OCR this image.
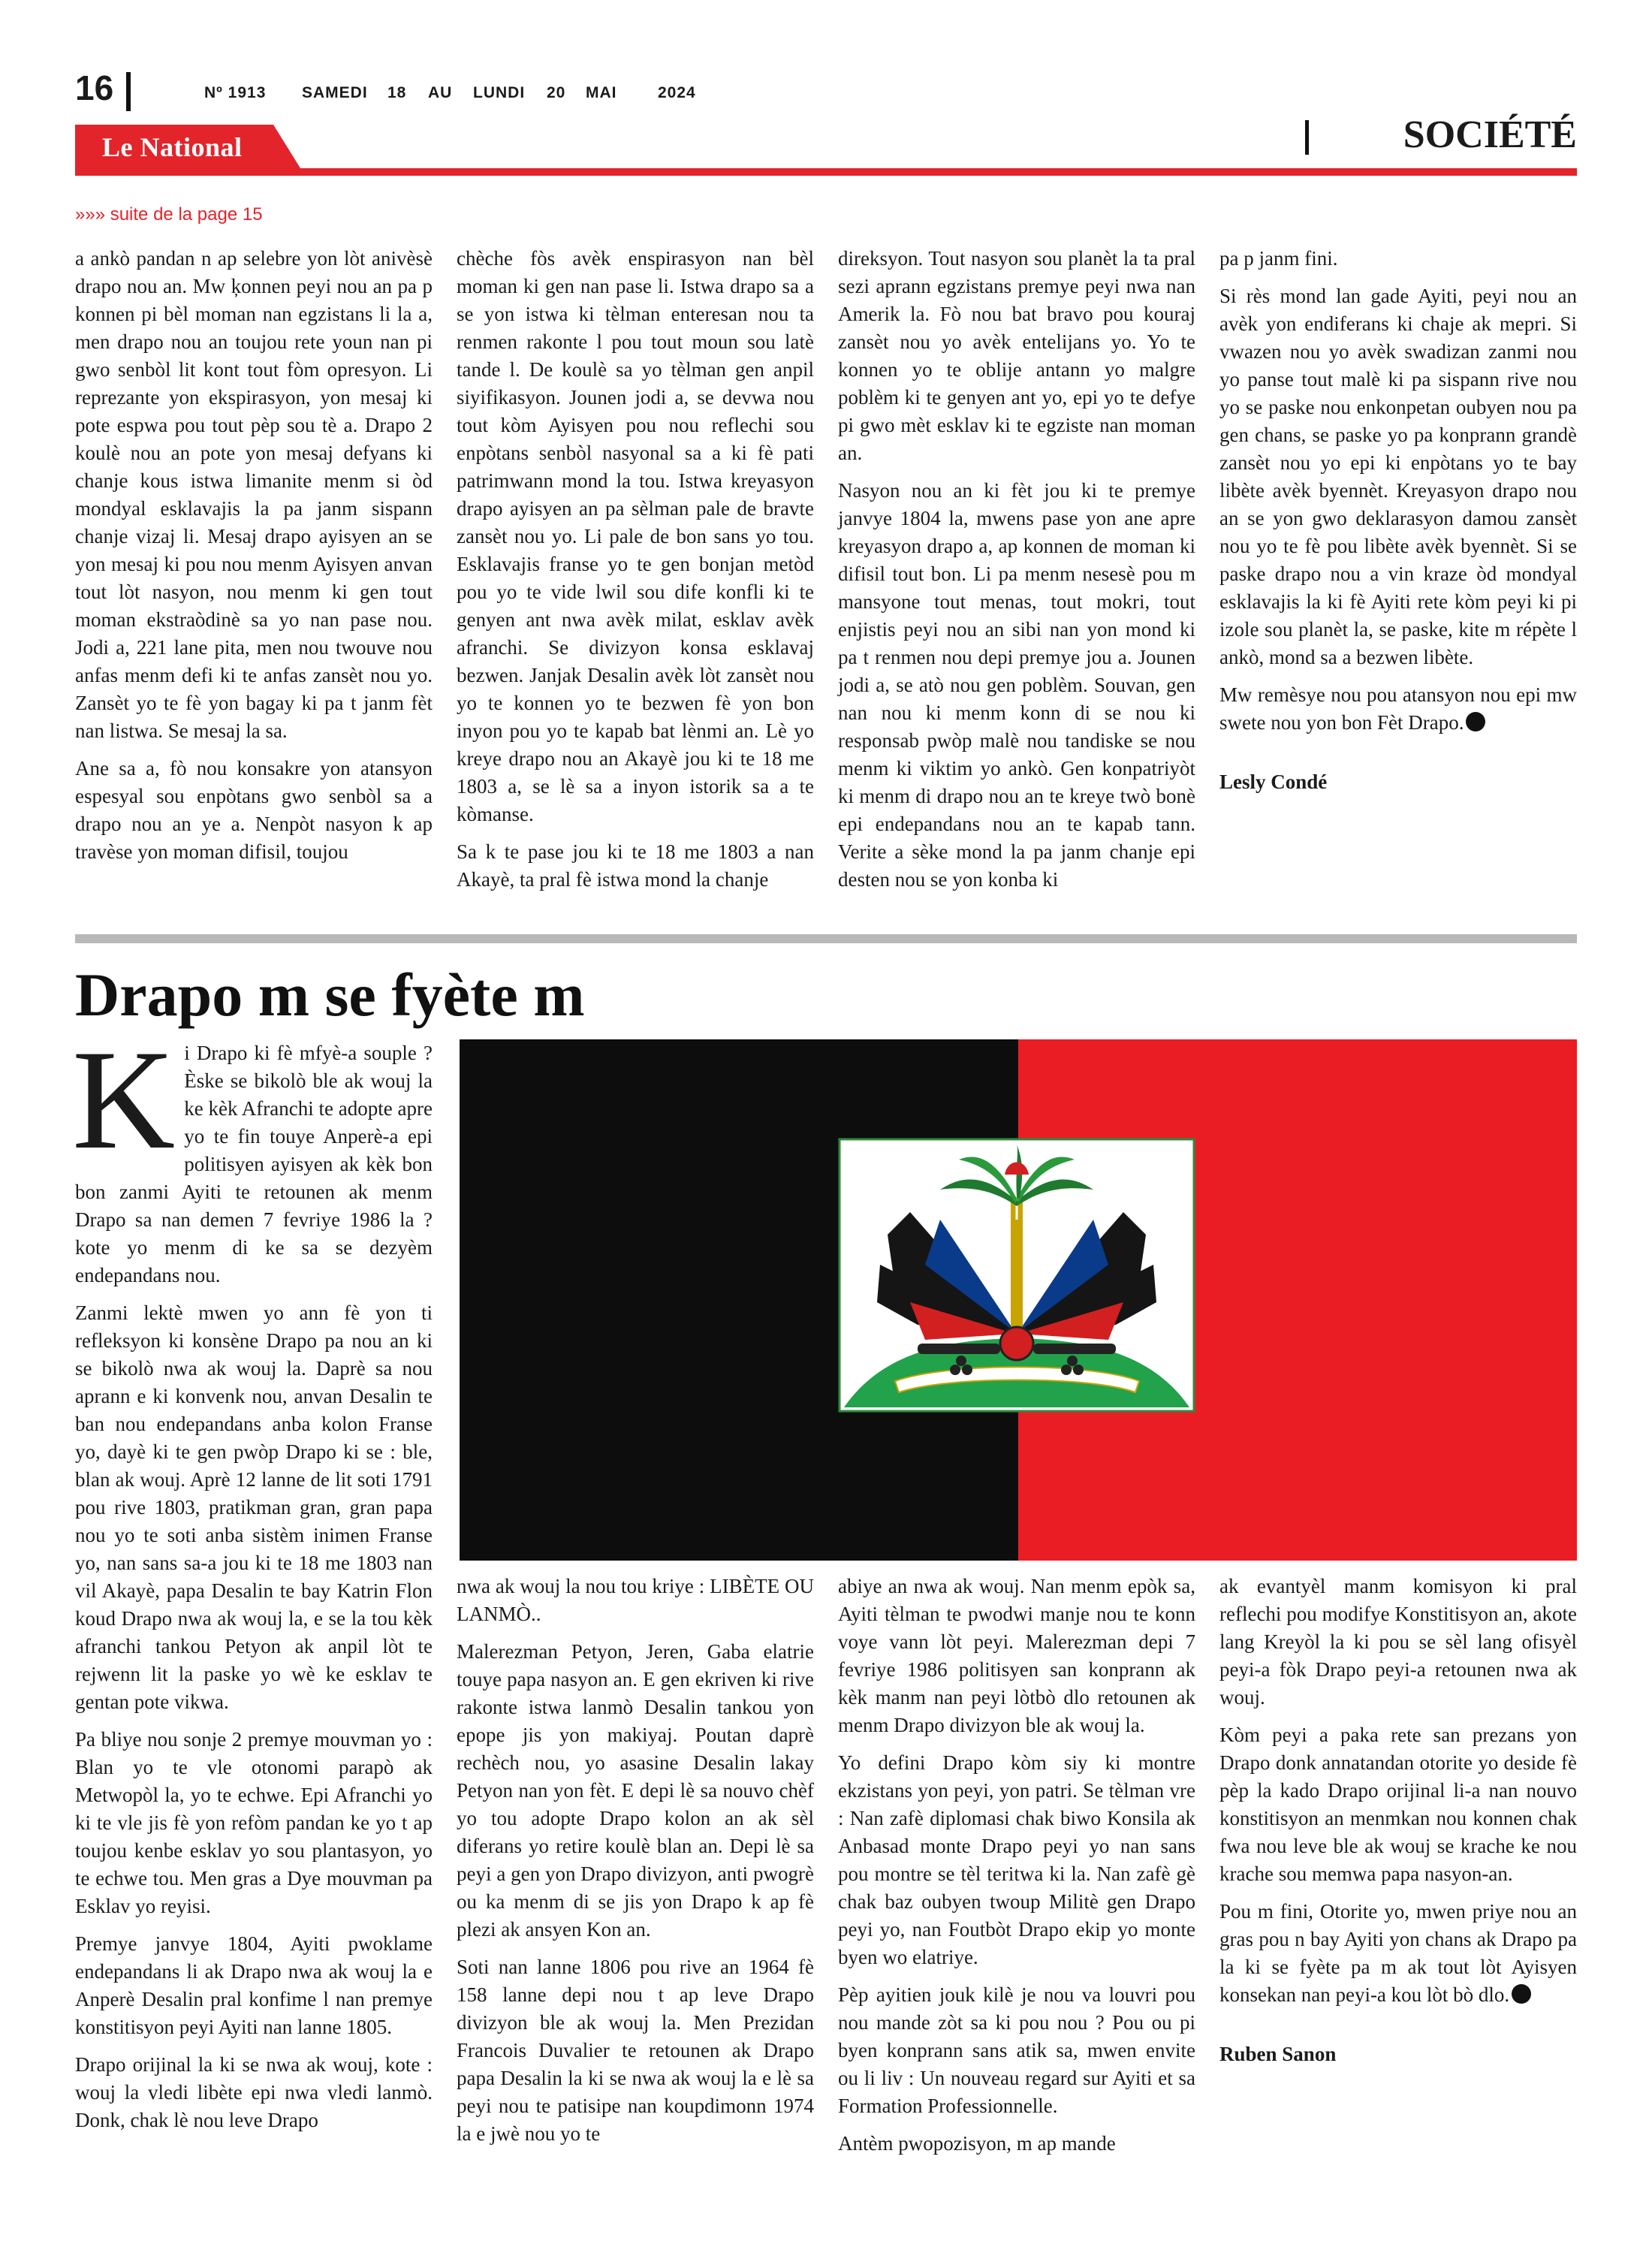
16	Nº 1913 SAMEDI 18 AU LUNDI 20 MAI	2024
Le National	SOCIÉTÉ
»»» suite de la page 15

a ankò pandan n ap selebre yon lòt anivèsè drapo nou an. Mw ķonnen peyi nou an pa p konnen pi bèl moman nan egzistans li la a, men drapo nou an toujou rete youn nan pi gwo senbòl lit kont tout fòm opresyon. Li reprezante yon ekspirasyon, yon mesaj ki pote espwa pou tout pèp sou tè a. Drapo 2 koulè nou an pote yon mesaj defyans ki chanje kous istwa limanite menm si òd mondyal esklavajis la pa janm sispann chanje vizaj li. Mesaj drapo ayisyen an se yon mesaj ki pou nou menm Ayisyen anvan tout lòt nasyon, nou menm ki gen tout moman ekstraòdinè sa yo nan pase nou. Jodi a, 221 lane pita, men nou twouve nou anfas menm defi ki te anfas zansèt nou yo. Zansèt yo te fè yon bagay ki pa t janm fèt nan listwa. Se mesaj la sa.

Ane sa a, fò nou konsakre yon atansyon espesyal sou enpòtans gwo senbòl sa a drapo nou an ye a. Nenpòt nasyon k ap travèse yon moman difisil, toujou

chèche fòs avèk enspirasyon nan bèl moman ki gen nan pase li. Istwa drapo sa a se yon istwa ki tèlman enteresan nou ta renmen rakonte l pou tout moun sou latè tande l. De koulè sa yo tèlman gen anpil siyifikasyon. Jounen jodi a, se devwa nou tout kòm Ayisyen pou nou reflechi sou enpòtans senbòl nasyonal sa a ki fè pati patrimwann mond la tou. Istwa kreyasyon drapo ayisyen an pa sèlman pale de bravte zansèt nou yo. Li pale de bon sans yo tou. Esklavajis franse yo te gen bonjan metòd pou yo te vide lwil sou dife konfli ki te genyen ant nwa avèk milat, esklav avèk afranchi. Se divizyon konsa esklavaj bezwen. Janjak Desalin avèk lòt zansèt nou yo te konnen yo te bezwen fè yon bon inyon pou yo te kapab bat lènmi an. Lè yo kreye drapo nou an Akayè jou ki te 18 me 1803 a, se lè sa a inyon istorik sa a te kòmanse.

Sa k te pase jou ki te 18 me 1803 a nan Akayè, ta pral fè istwa mond la chanje

direksyon. Tout nasyon sou planèt la ta pral sezi aprann egzistans premye peyi nwa nan Amerik la. Fò nou bat bravo pou kouraj zansèt nou yo avèk entelijans yo. Yo te konnen yo te oblije antann yo malgre poblèm ki te genyen ant yo, epi yo te defye pi gwo mèt esklav ki te egziste nan moman an.

Nasyon nou an ki fèt jou ki te premye janvye 1804 la, mwens pase yon ane apre kreyasyon drapo a, ap konnen de moman ki difisil tout bon. Li pa menm nesesè pou m mansyone tout menas, tout mokri, tout enjistis peyi nou an sibi nan yon mond ki pa t renmen nou depi premye jou a. Jounen jodi a, se atò nou gen poblèm. Souvan, gen nan nou ki menm konn di se nou ki responsab pwòp malè nou tandiske se nou menm ki viktim yo ankò. Gen konpatriyòt ki menm di drapo nou an te kreye twò bonè epi endepandans nou an te kapab tann. Verite a sèke mond la pa janm chanje epi desten nou se yon konba ki

pa p janm fini.

Si rès mond lan gade Ayiti, peyi nou an avèk yon endiferans ki chaje ak mepri. Si vwazen nou yo avèk swadizan zanmi nou yo panse tout malè ki pa sispann rive nou yo se paske nou enkonpetan oubyen nou pa gen chans, se paske yo pa konprann grandè zansèt nou yo epi ki enpòtans yo te bay libète avèk byennèt. Kreyasyon drapo nou an se yon gwo deklarasyon damou zansèt nou yo te fè pou libète avèk byennèt. Si se paske drapo nou a vin kraze òd mondyal esklavajis la ki fè Ayiti rete kòm peyi ki pi izole sou planèt la, se paske, kite m répète l ankò, mond sa a bezwen libète.

Mw remèsye nou pou atansyon nou epi mw swete nou yon bon Fèt Drapo.

Lesly Condé

Drapo m se fyète m

Ki Drapo ki fè mfyè-a souple ? Èske se bikolò ble ak wouj la ke kèk Afranchi te adopte apre yo te fin touye Anperè-a epi politisyen ayisyen ak kèk bon bon zanmi Ayiti te retounen ak menm Drapo sa nan demen 7 fevriye 1986 la ? kote yo menm di ke sa se dezyèm endepandans nou.

Zanmi lektè mwen yo ann fè yon ti refleksyon ki konsène Drapo pa nou an ki se bikolò nwa ak wouj la. Daprè sa nou aprann e ki konvenk nou, anvan Desalin te ban nou endepandans anba kolon Franse yo, dayè ki te gen pwòp Drapo ki se : ble, blan ak wouj. Aprè 12 lanne de lit soti 1791 pou rive 1803, pratikman gran, gran papa nou yo te soti anba sistèm inimen Franse yo, nan sans sa-a jou ki te 18 me 1803 nan vil Akayè, papa Desalin te bay Katrin Flon koud Drapo nwa ak wouj la, e se la tou kèk afranchi tankou Petyon ak anpil lòt te rejwenn lit la paske yo wè ke esklav te gentan pote vikwa.

Pa bliye nou sonje 2 premye mouvman yo : Blan yo te vle otonomi parapò ak Metwopòl la, yo te echwe. Epi Afranchi yo ki te vle jis fè yon refòm pandan ke yo t ap toujou kenbe esklav yo sou plantasyon, yo te echwe tou. Men gras a Dye mouvman pa Esklav yo reyisi.

Premye janvye 1804, Ayiti pwoklame endepandans li ak Drapo nwa ak wouj la e Anperè Desalin pral konfime l nan premye konstitisyon peyi Ayiti nan lanne 1805.

Drapo orijinal la ki se nwa ak wouj, kote : wouj la vledi libète epi nwa vledi lanmò. Donk, chak lè nou leve Drapo

nwa ak wouj la nou tou kriye : LIBÈTE OU LANMÒ..

Malerezman Petyon, Jeren, Gaba elatrie touye papa nasyon an. E gen ekriven ki rive rakonte istwa lanmò Desalin tankou yon epope jis yon makiyaj. Poutan daprè rechèch nou, yo asasine Desalin lakay Petyon nan yon fèt. E depi lè sa nouvo chèf yo tou adopte Drapo kolon an ak sèl diferans yo retire koulè blan an. Depi lè sa peyi a gen yon Drapo divizyon, anti pwogrè ou ka menm di se jis yon Drapo k ap fè plezi ak ansyen Kon an.

Soti nan lanne 1806 pou rive an 1964 fè 158 lanne depi nou t ap leve Drapo divizyon ble ak wouj la. Men Prezidan Francois Duvalier te retounen ak Drapo papa Desalin la ki se nwa ak wouj la e lè sa peyi nou te patisipe nan koupdimonn 1974 la e jwè nou yo te

abiye an nwa ak wouj. Nan menm epòk sa, Ayiti tèlman te pwodwi manje nou te konn voye vann lòt peyi. Malerezman depi 7 fevriye 1986 politisyen san konprann ak kèk manm nan peyi lòtbò dlo retounen ak menm Drapo divizyon ble ak wouj la.

Yo defini Drapo kòm siy ki montre ekzistans yon peyi, yon patri. Se tèlman vre : Nan zafè diplomasi chak biwo Konsila ak Anbasad monte Drapo peyi yo nan sans pou montre se tèl teritwa ki la. Nan zafè gè chak baz oubyen twoup Militè gen Drapo peyi yo, nan Foutbòt Drapo ekip yo monte byen wo elatriye.

Pèp ayitien jouk kilè je nou va louvri pou nou mande zòt sa ki pou nou ? Pou ou pi byen konprann sans atik sa, mwen envite ou li liv : Un nouveau regard sur Ayiti et sa Formation Professionnelle.

Antèm pwopozisyon, m ap mande

ak evantyèl manm komisyon ki pral reflechi pou modifye Konstitisyon an, akote lang Kreyòl la ki pou se sèl lang ofisyèl peyi-a fòk Drapo peyi-a retounen nwa ak wouj.

Kòm peyi a paka rete san prezans yon Drapo donk annatandan otorite yo deside fè pèp la kado Drapo orijinal li-a nan nouvo konstitisyon an menmkan nou konnen chak fwa nou leve ble ak wouj se krache ke nou krache sou memwa papa nasyon-an.

Pou m fini, Otorite yo, mwen priye nou an gras pou n bay Ayiti yon chans ak Drapo pa la ki se fyète pa m ak tout lòt Ayisyen konsekan nan peyi-a kou lòt bò dlo.

Ruben Sanon
